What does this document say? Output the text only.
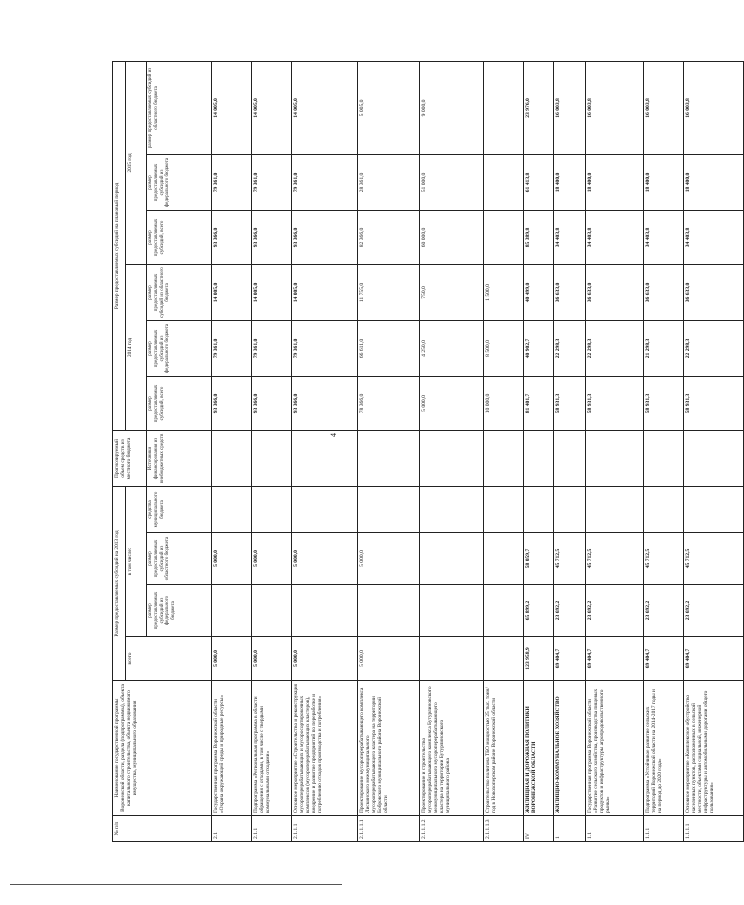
4
№ п/п	Наименование государственной программы Воронежской области, раздела (подпрограммы), объекта капитального строительства, объекта недвижимого имущества, муниципального образования	Размер предоставляемых субсидий на 2013 год				Прогнозируемый объем средств из местного бюджета	Размер предоставляемых субсидий на плановый период					
		всего	в том числе:				2014 год			2015 год		
			размер предоставляемых субсидий из федерального бюджета	размер предоставляемых субсидий из областного бюджета	средства муниципального бюджета	Источники финансирования из внебюджетных средств	размер предоставляемых субсидий, всего	размер предоставляемых субсидий из федерального бюджета	размер предоставляемых субсидий из областного бюджета	размер предоставляемых субсидий, всего	размер предоставляемых субсидий из федерального бюджета	размер предоставляемых субсидий из областного бюджета
2.1	Государственная программа Воронежской области «Охрана окружающей среды и природные ресурсы»	5 000,0		5 000,0			93 366,0	79 361,0	14 005,0	93 366,0	79 361,0	14 005,0
2.1.1	Подпрограмма «Региональная программа в области обращения с отходами, в том числе с твердыми коммунальными отходами»	5 000,0		5 000,0			93 366,0	79 361,0	14 005,0	93 366,0	79 361,0	14 005,0
2.1.1.1	Основное мероприятие «Строительство и реконструкция мусороперерабатывающих и мусоросортировочных комплексов (мусороперерабатывающих кластеров), внедрение и развитие предприятий по переработке и потреблению отходов производства и потребления»	5 000,0		5 000,0			93 366,0	79 361,0	14 005,0	93 366,0	79 361,0	14 005,0
2.1.1.1.1	Проектирование мусороперерабатывающего комплекса Лискинского межмуниципального мусороперерабатывающего кластера на территории Бобровского муниципального района Воронежской области	5 000,0		5 000,0			78 366,0	66 611,0	11 755,0	82 366,0	28 361,0	5 005,0
2.1.1.1.2	Проектирование и строительство мусороперерабатывающего комплекса Бутурлиновского межмуниципального мусороперерабатывающего кластера на территории Бутурлиновского муниципального района						5 000,0	4 250,0	750,0	60 000,0	51 000,0	9 000,0
2.1.1.1.3	Строительство полигона ТБО мощностью 25 тыс. тонн/год в Новохоперском районе Воронежской области						10 000,0	8 500,0	1 500,0			
IV	ЖИЛИЩНАЯ И ДОРОЖНАЯ ПОЛИТИКИ ВОРОНЕЖСКОЙ ОБЛАСТИ	123 958,9	65 899,2	58 059,7			81 401,7	40 902,7	40 499,0	85 389,8	61 413,8	23 976,0
1	ЖИЛИЩНО-КОММУНАЛЬНОЕ ХОЗЯЙСТВО	69 404,7	23 692,2	45 712,5			58 931,3	22 298,3	36 633,0	34 403,8	18 400,0	16 003,8
1.1	Государственная программа Воронежской области «Развитие сельского хозяйства, производства пищевых продуктов и инфраструктуры агропродовольственного рынка»	69 404,7	23 692,2	45 712,5			58 931,3	22 298,3	36 633,0	34 403,8	18 400,0	16 003,8
1.1.1	Подпрограмма «Устойчивое развитие сельских территорий Воронежской области на 2014-2017 годы и на период до 2020 года»	69 404,7	23 692,2	45 712,5			58 931,3	21 298,3	36 633,0	34 403,8	18 400,0	16 003,8
1.1.1.1	Основное мероприятие «Комплексное обустройство населенных пунктов, расположенных в сельской местности, объектами социальной, инженерной инфраструктуры и автомобильными дорогами общего пользования»	69 404,7	23 692,2	45 712,5			58 931,3	22 298,3	36 633,0	34 403,8	18 400,0	16 003,8
